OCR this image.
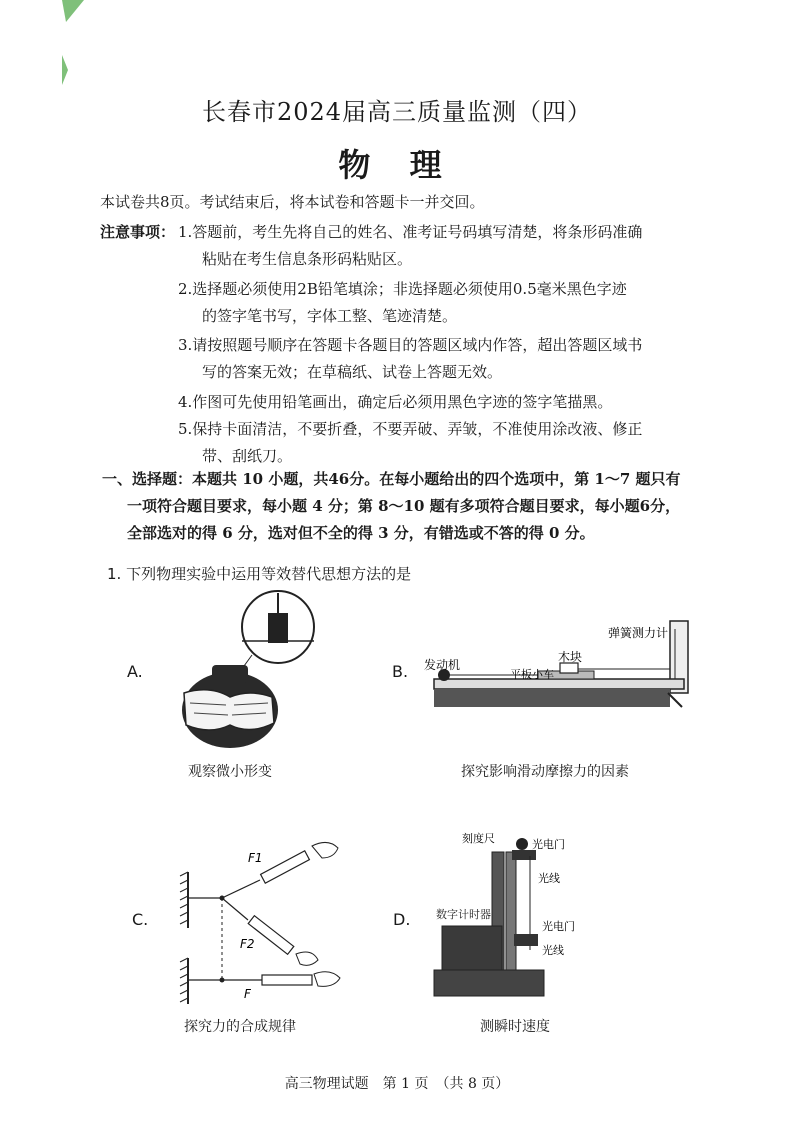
长春市2024届高三质量监测（四）
物 理
本试卷共8页。考试结束后，将本试卷和答题卡一并交回。
注意事项： 1.答题前，考生先将自己的姓名、准考证号码填写清楚，将条形码准确
粘贴在考生信息条形码粘贴区。
2.选择题必须使用2B铅笔填涂；非选择题必须使用0.5毫米黑色字迹
的签字笔书写，字体工整、笔迹清楚。
3.请按照题号顺序在答题卡各题目的答题区域内作答，超出答题区域书
写的答案无效；在草稿纸、试卷上答题无效。
4.作图可先使用铅笔画出，确定后必须用黑色字迹的签字笔描黑。
5.保持卡面清洁，不要折叠，不要弄破、弄皱，不准使用涂改液、修正
带、刮纸刀。
一、选择题：本题共 10 小题，共46分。在每小题给出的四个选项中，第 1～7 题只有
一项符合题目要求，每小题 4 分；第 8～10 题有多项符合题目要求，每小题6分，
全部选对的得 6 分，选对但不全的得 3 分，有错选或不答的得 0 分。
1. 下列物理实验中运用等效替代思想方法的是
A.
观察微小形变
B. 发动机
平板小车
木块
弹簧测力计
探究影响滑动摩擦力的因素
C.
F1
F2
F
探究力的合成规律
D.
刻度尺	光电门
光线
数字计时器
光电门
光线
测瞬时速度
高三物理试题　第 1 页　（共 8 页）
